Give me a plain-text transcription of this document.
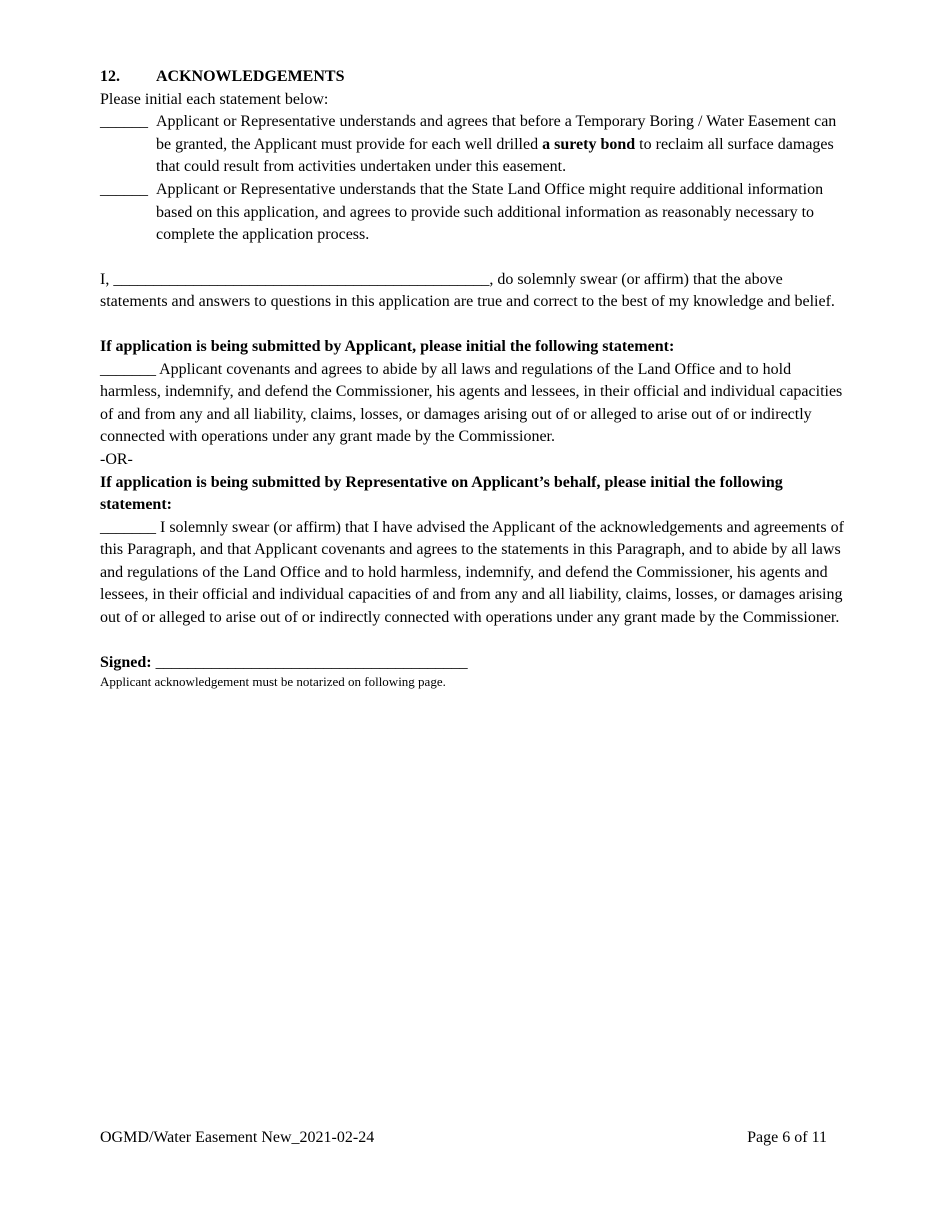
12. ACKNOWLEDGEMENTS

Please initial each statement below:

______ Applicant or Representative understands and agrees that before a Temporary Boring / Water Easement can be granted, the Applicant must provide for each well drilled a surety bond to reclaim all surface damages that could result from activities undertaken under this easement.
______ Applicant or Representative understands that the State Land Office might require additional information based on this application, and agrees to provide such additional information as reasonably necessary to complete the application process.

I, _______________________________________________, do solemnly swear (or affirm) that the above statements and answers to questions in this application are true and correct to the best of my knowledge and belief.

If application is being submitted by Applicant, please initial the following statement:

_______ Applicant covenants and agrees to abide by all laws and regulations of the Land Office and to hold harmless, indemnify, and defend the Commissioner, his agents and lessees, in their official and individual capacities of and from any and all liability, claims, losses, or damages arising out of or alleged to arise out of or indirectly connected with operations under any grant made by the Commissioner.

-OR-

If application is being submitted by Representative on Applicant’s behalf, please initial the following statement:

_______ I solemnly swear (or affirm) that I have advised the Applicant of the acknowledgements and agreements of this Paragraph, and that Applicant covenants and agrees to the statements in this Paragraph, and to abide by all laws and regulations of the Land Office and to hold harmless, indemnify, and defend the Commissioner, his agents and lessees, in their official and individual capacities of and from any and all liability, claims, losses, or damages arising out of or alleged to arise out of or indirectly connected with operations under any grant made by the Commissioner.

Signed: _______________________________________

Applicant acknowledgement must be notarized on following page.

OGMD/Water Easement New_2021-02-24	Page 6 of 11
